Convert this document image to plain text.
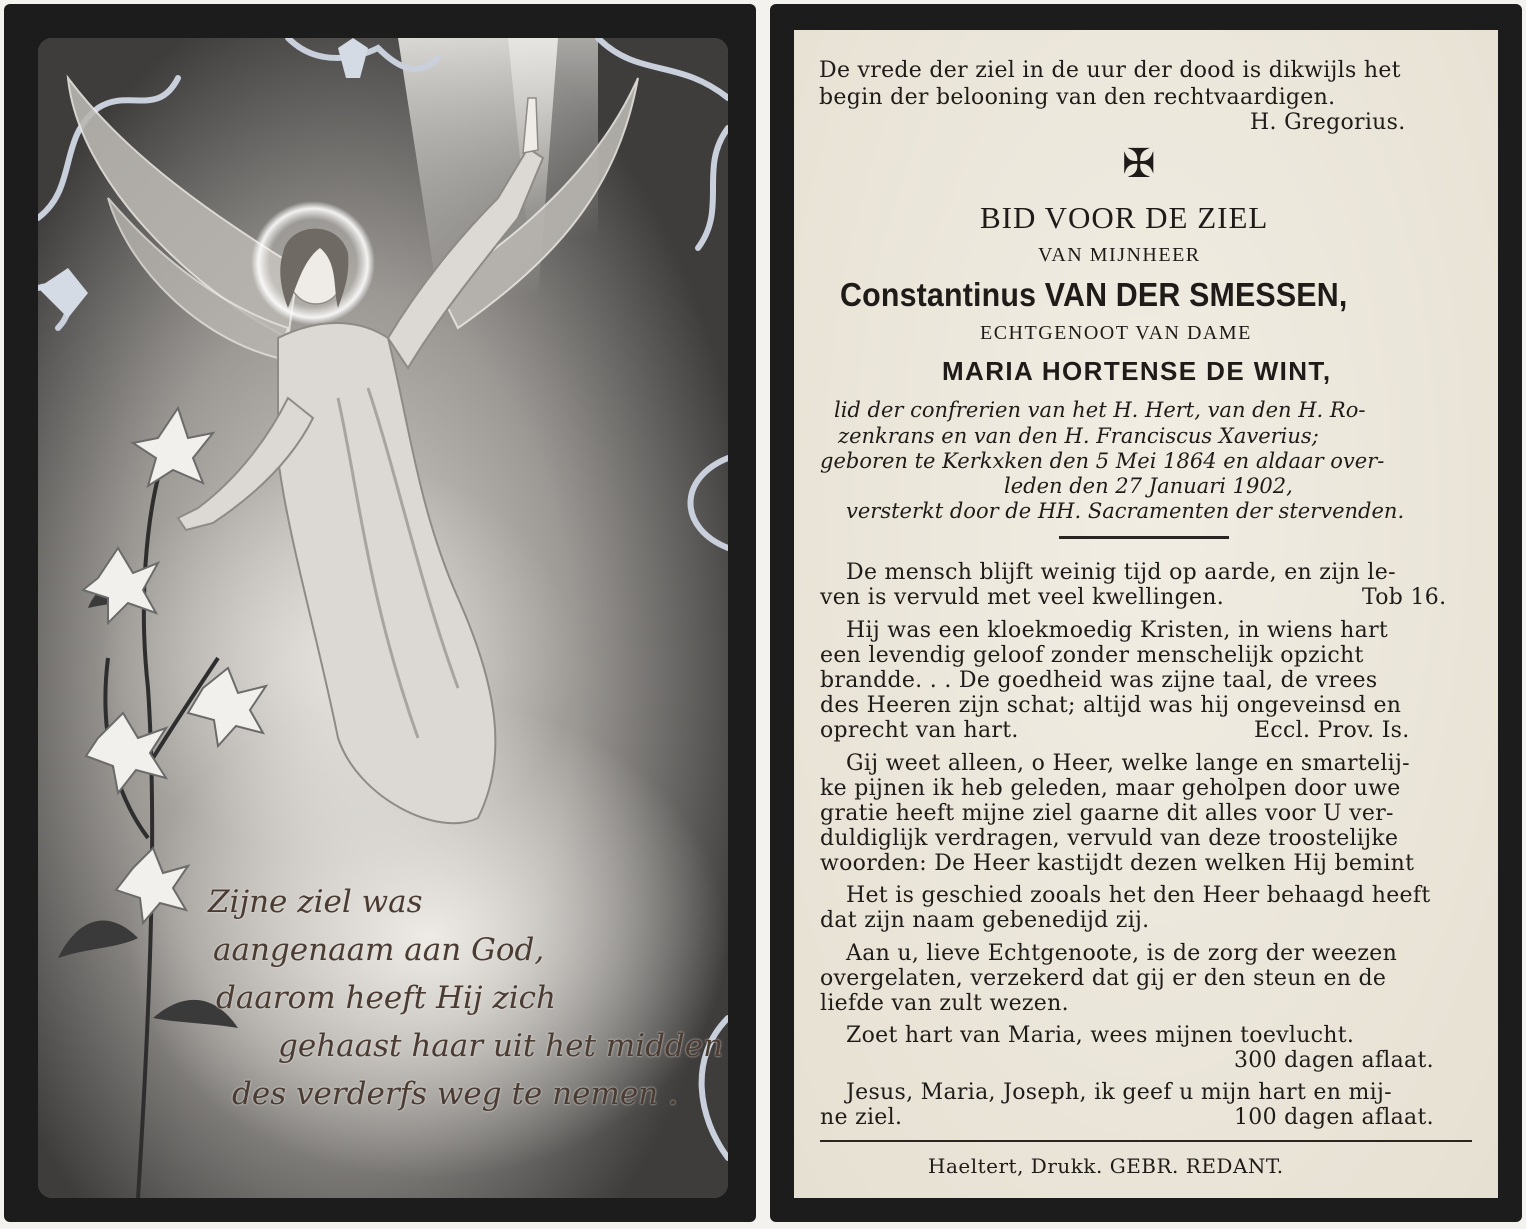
Zijne ziel was
aangenaam aan God,
daarom heeft Hij zich
gehaast haar uit het midden
des verderfs weg te nemen .
De vrede der ziel in de uur der dood is dikwijls het
begin der belooning van den rechtvaardigen.
H. Gregorius.
✠
BID VOOR DE ZIEL
VAN MIJNHEER
Constantinus VAN DER SMESSEN,
ECHTGENOOT VAN DAME
MARIA HORTENSE DE WINT,
lid der confrerien van het H. Hert, van den H. Ro-
zenkrans en van den H. Franciscus Xaverius;
geboren te Kerkxken den 5 Mei 1864 en aldaar over-
leden den 27 Januari 1902,
versterkt door de HH. Sacramenten der stervenden.
De mensch blijft weinig tijd op aarde, en zijn le-
ven is vervuld met veel kwellingen.	Tob 16.
Hij was een kloekmoedig Kristen, in wiens hart
een levendig geloof zonder menschelijk opzicht
brandde. . . De goedheid was zijne taal, de vrees
des Heeren zijn schat; altijd was hij ongeveinsd en
oprecht van hart.	Eccl. Prov. Is.
Gij weet alleen, o Heer, welke lange en smartelij-
ke pijnen ik heb geleden, maar geholpen door uwe
gratie heeft mijne ziel gaarne dit alles voor U ver-
duldiglijk verdragen, vervuld van deze troostelijke
woorden: De Heer kastijdt dezen welken Hij bemint
Het is geschied zooals het den Heer behaagd heeft
dat zijn naam gebenedijd zij.
Aan u, lieve Echtgenoote, is de zorg der weezen
overgelaten, verzekerd dat gij er den steun en de
liefde van zult wezen.
Zoet hart van Maria, wees mijnen toevlucht.
300 dagen aflaat.
Jesus, Maria, Joseph, ik geef u mijn hart en mij-
ne ziel.	100 dagen aflaat.
Haeltert, Drukk. GEBR. REDANT.
